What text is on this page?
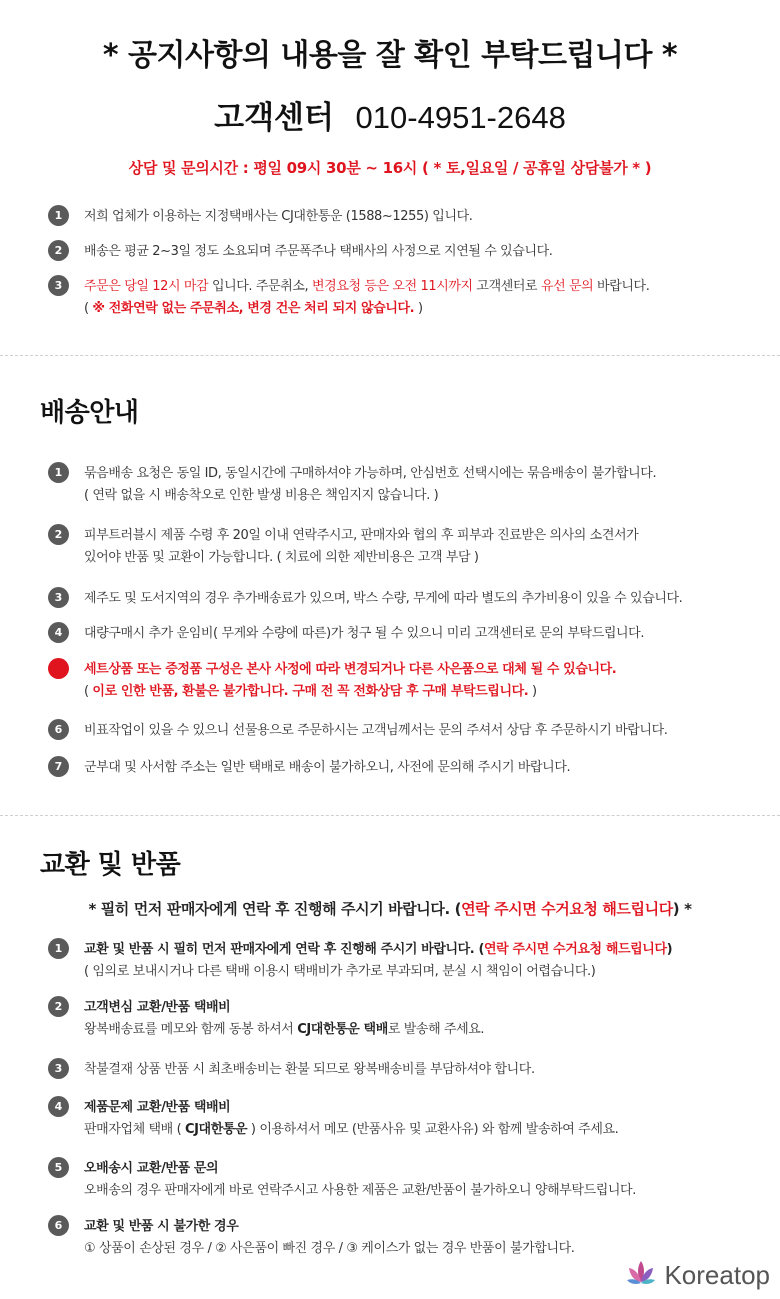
* 공지사항의 내용을 잘 확인 부탁드립니다 *
고객센터 010-4951-2648
상담 및 문의시간 : 평일 09시 30분 ~ 16시 ( * 토,일요일 / 공휴일 상담불가 * )
1	저희 업체가 이용하는 지정택배사는 CJ대한통운 (1588~1255) 입니다.
2	배송은 평균 2~3일 정도 소요되며 주문폭주나 택배사의 사정으로 지연될 수 있습니다.
3	주문은 당일 12시 마감 입니다. 주문취소, 변경요청 등은 오전 11시까지 고객센터로 유선 문의 바랍니다.
( ※ 전화연락 없는 주문취소, 변경 건은 처리 되지 않습니다. )
배송안내
1	묶음배송 요청은 동일 ID, 동일시간에 구매하셔야 가능하며, 안심번호 선택시에는 묶음배송이 불가합니다.
( 연락 없을 시 배송착오로 인한 발생 비용은 책임지지 않습니다. )
2	피부트러블시 제품 수령 후 20일 이내 연락주시고, 판매자와 협의 후 피부과 진료받은 의사의 소견서가
있어야 반품 및 교환이 가능합니다. ( 치료에 의한 제반비용은 고객 부담 )
3	제주도 및 도서지역의 경우 추가배송료가 있으며, 박스 수량, 무게에 따라 별도의 추가비용이 있을 수 있습니다.
4	대량구매시 추가 운임비( 무게와 수량에 따른)가 청구 될 수 있으니 미리 고객센터로 문의 부탁드립니다.
5	세트상품 또는 증정품 구성은 본사 사정에 따라 변경되거나 다른 사은품으로 대체 될 수 있습니다.
( 이로 인한 반품, 환불은 불가합니다. 구매 전 꼭 전화상담 후 구매 부탁드립니다. )
6	비표작업이 있을 수 있으니 선물용으로 주문하시는 고객님께서는 문의 주셔서 상담 후 주문하시기 바랍니다.
7	군부대 및 사서함 주소는 일반 택배로 배송이 불가하오니, 사전에 문의해 주시기 바랍니다.
교환 및 반품
* 필히 먼저 판매자에게 연락 후 진행해 주시기 바랍니다. (연락 주시면 수거요청 해드립니다) *
1	교환 및 반품 시 필히 먼저 판매자에게 연락 후 진행해 주시기 바랍니다. (연락 주시면 수거요청 해드립니다)
( 임의로 보내시거나 다른 택배 이용시 택배비가 추가로 부과되며, 분실 시 책임이 어렵습니다.)
2	고객변심 교환/반품 택배비
왕복배송료를 메모와 함께 동봉 하셔서 CJ대한통운 택배로 발송해 주세요.
3	착불결재 상품 반품 시 최초배송비는 환불 되므로 왕복배송비를 부담하셔야 합니다.
4	제품문제 교환/반품 택배비
판매자업체 택배 ( CJ대한통운 ) 이용하셔서 메모 (반품사유 및 교환사유) 와 함께 발송하여 주세요.
5	오배송시 교환/반품 문의
오배송의 경우 판매자에게 바로 연락주시고 사용한 제품은 교환/반품이 불가하오니 양해부탁드립니다.
6	교환 및 반품 시 불가한 경우
① 상품이 손상된 경우 / ② 사은품이 빠진 경우 / ③ 케이스가 없는 경우 반품이 불가합니다.
Koreatop
